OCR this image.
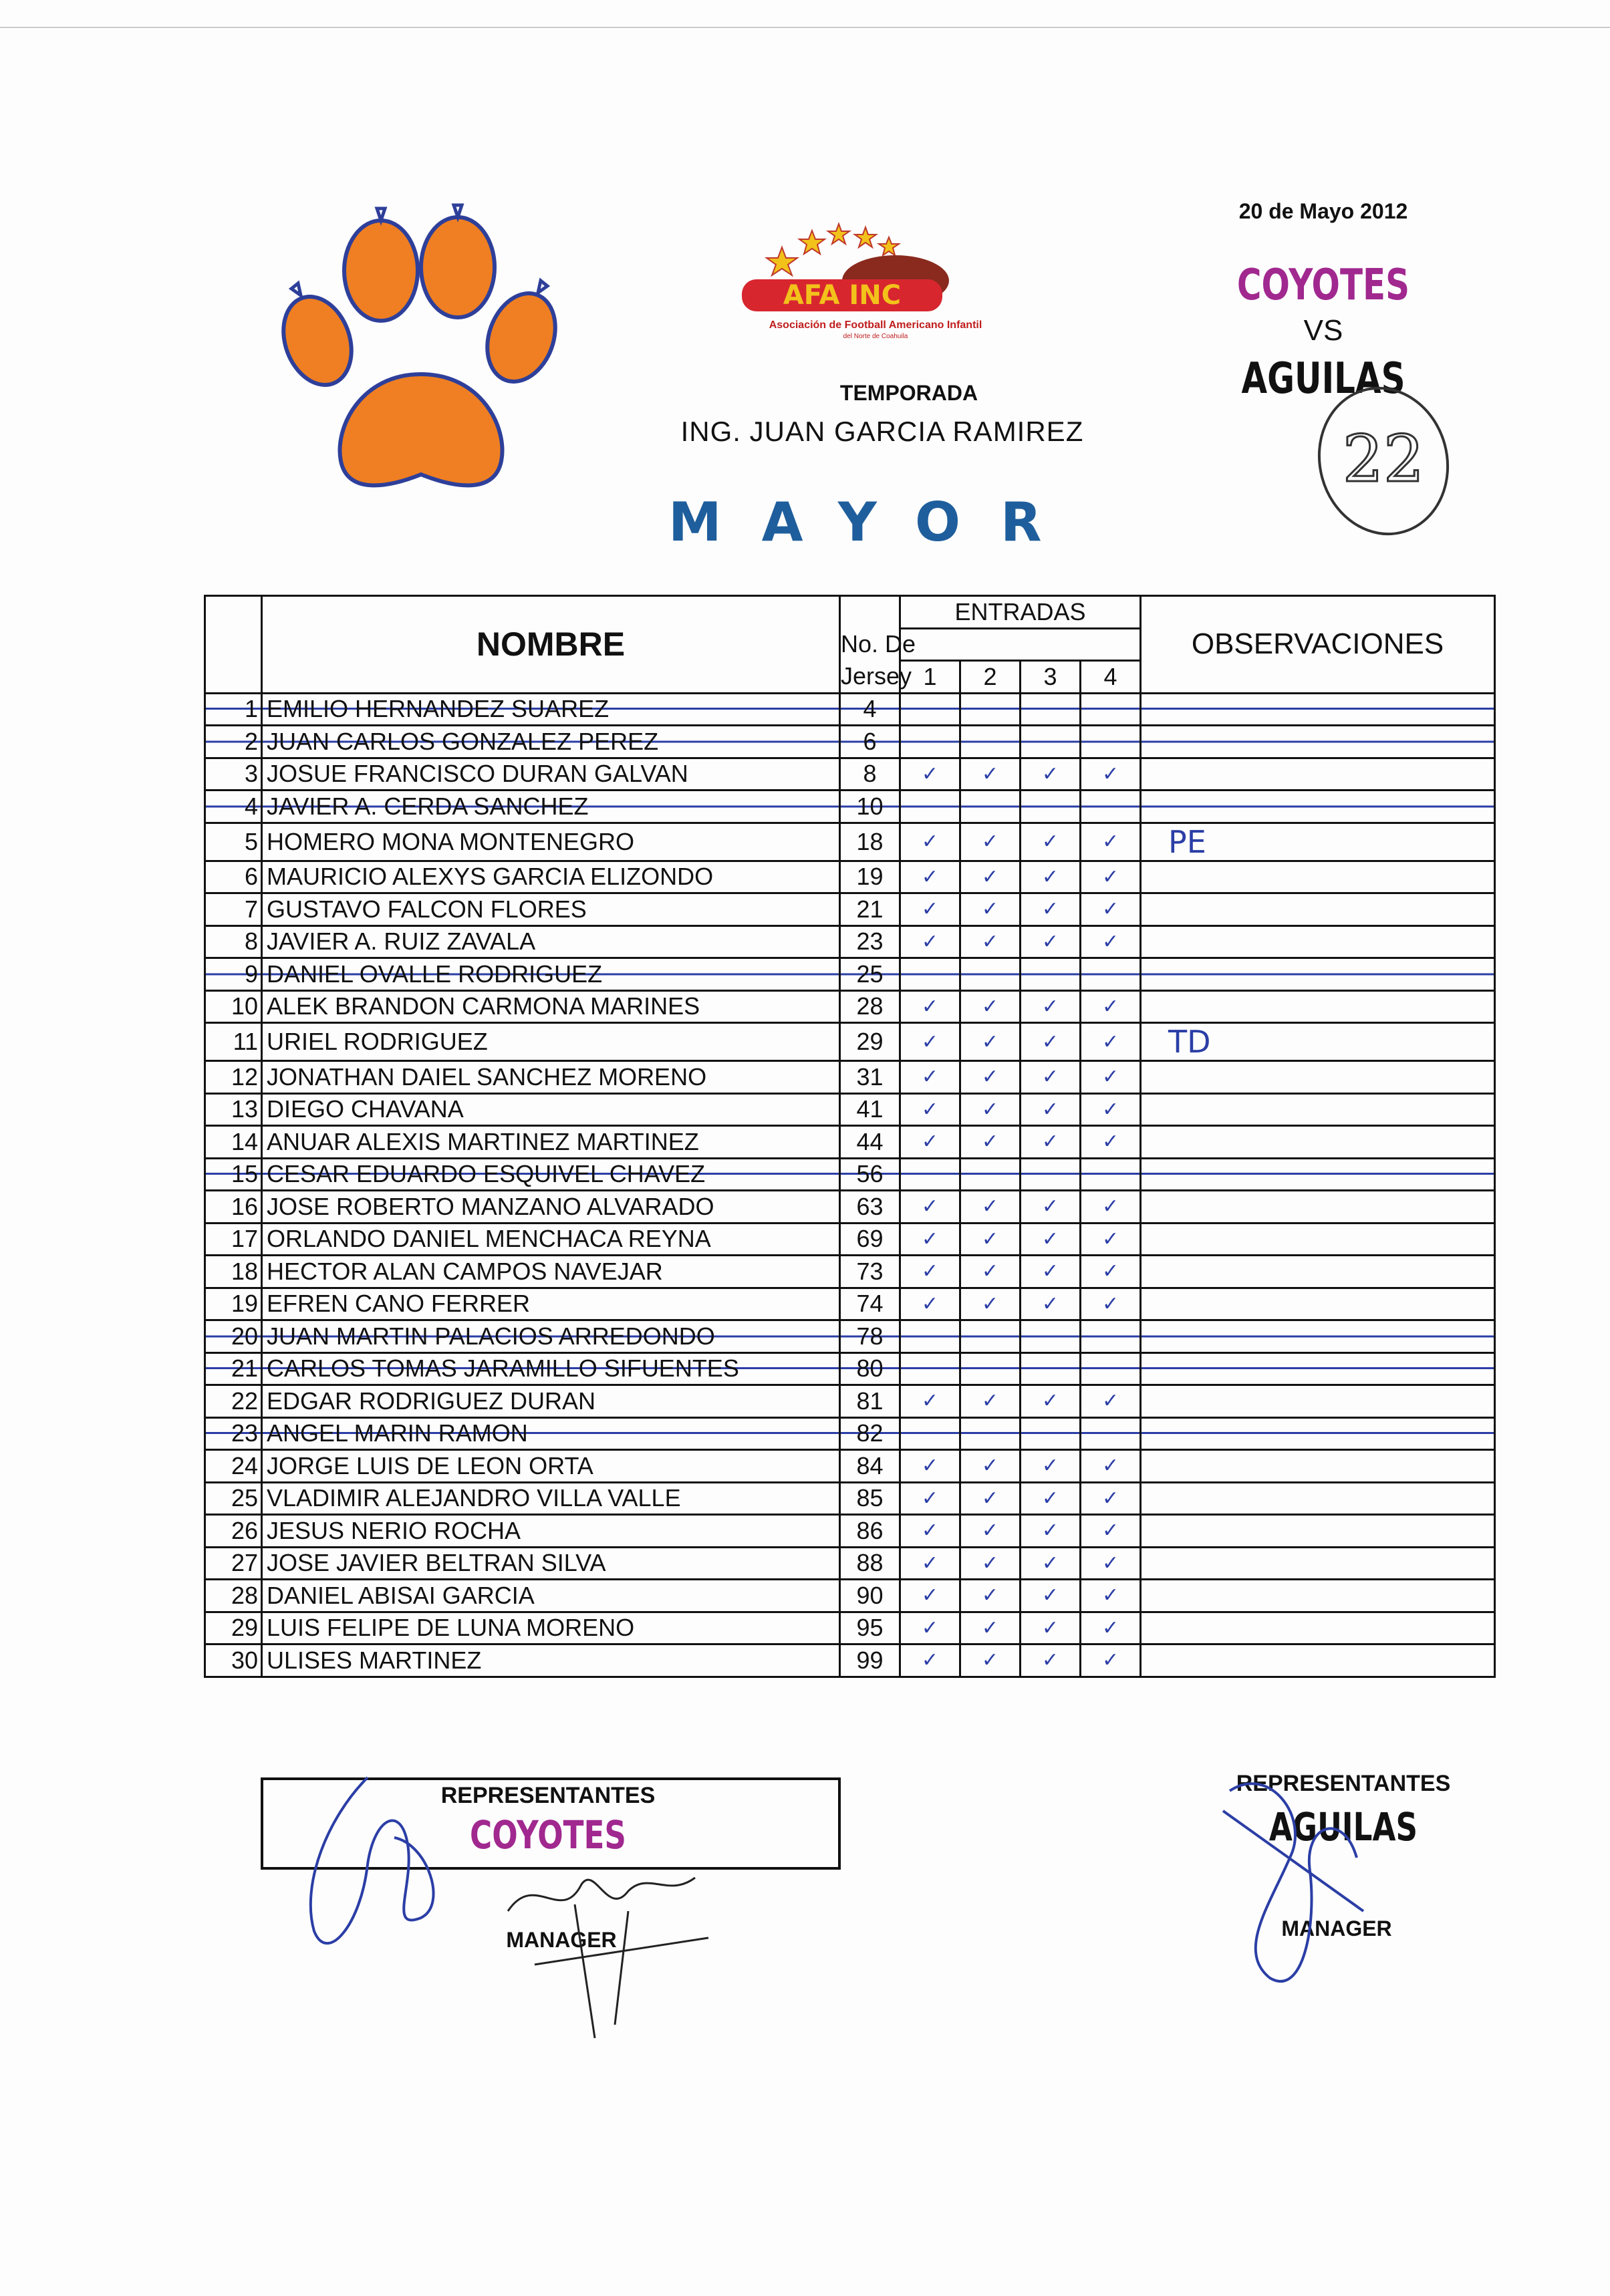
AFA INC
Asociación de Football Americano Infantil
del Norte de Coahuila
TEMPORADA
ING. JUAN GARCIA RAMIREZ
MAYOR
20 de Mayo 2012
COYOTES
VS
AGUILAS
22
	NOMBRE		ENTRADAS				OBSERVACIONES
		No. De					
		Jersey	1	2	3	4	
1	EMILIO HERNANDEZ SUAREZ	4					
2	JUAN CARLOS GONZALEZ PEREZ	6					
3	JOSUE FRANCISCO DURAN GALVAN	8	✓	✓	✓	✓	
4	JAVIER A. CERDA SANCHEZ	10					
5	HOMERO MONA MONTENEGRO	18	✓	✓	✓	✓	PE
6	MAURICIO ALEXYS GARCIA ELIZONDO	19	✓	✓	✓	✓	
7	GUSTAVO FALCON FLORES	21	✓	✓	✓	✓	
8	JAVIER A. RUIZ ZAVALA	23	✓	✓	✓	✓	
9	DANIEL OVALLE RODRIGUEZ	25					
10	ALEK BRANDON CARMONA MARINES	28	✓	✓	✓	✓	
11	URIEL RODRIGUEZ	29	✓	✓	✓	✓	TD
12	JONATHAN DAIEL SANCHEZ MORENO	31	✓	✓	✓	✓	
13	DIEGO CHAVANA	41	✓	✓	✓	✓	
14	ANUAR ALEXIS MARTINEZ MARTINEZ	44	✓	✓	✓	✓	
15	CESAR EDUARDO ESQUIVEL CHAVEZ	56					
16	JOSE ROBERTO MANZANO ALVARADO	63	✓	✓	✓	✓	
17	ORLANDO DANIEL MENCHACA REYNA	69	✓	✓	✓	✓	
18	HECTOR ALAN CAMPOS NAVEJAR	73	✓	✓	✓	✓	
19	EFREN CANO FERRER	74	✓	✓	✓	✓	
20	JUAN MARTIN PALACIOS ARREDONDO	78					
21	CARLOS TOMAS JARAMILLO SIFUENTES	80					
22	EDGAR RODRIGUEZ DURAN	81	✓	✓	✓	✓	
23	ANGEL MARIN RAMON	82					
24	JORGE LUIS DE LEON ORTA	84	✓	✓	✓	✓	
25	VLADIMIR ALEJANDRO VILLA VALLE	85	✓	✓	✓	✓	
26	JESUS NERIO ROCHA	86	✓	✓	✓	✓	
27	JOSE JAVIER BELTRAN SILVA	88	✓	✓	✓	✓	
28	DANIEL ABISAI GARCIA	90	✓	✓	✓	✓	
29	LUIS FELIPE DE LUNA MORENO	95	✓	✓	✓	✓	
30	ULISES MARTINEZ	99	✓	✓	✓	✓	
REPRESENTANTES
COYOTES
MANAGER
REPRESENTANTES
AGUILAS
MANAGER
